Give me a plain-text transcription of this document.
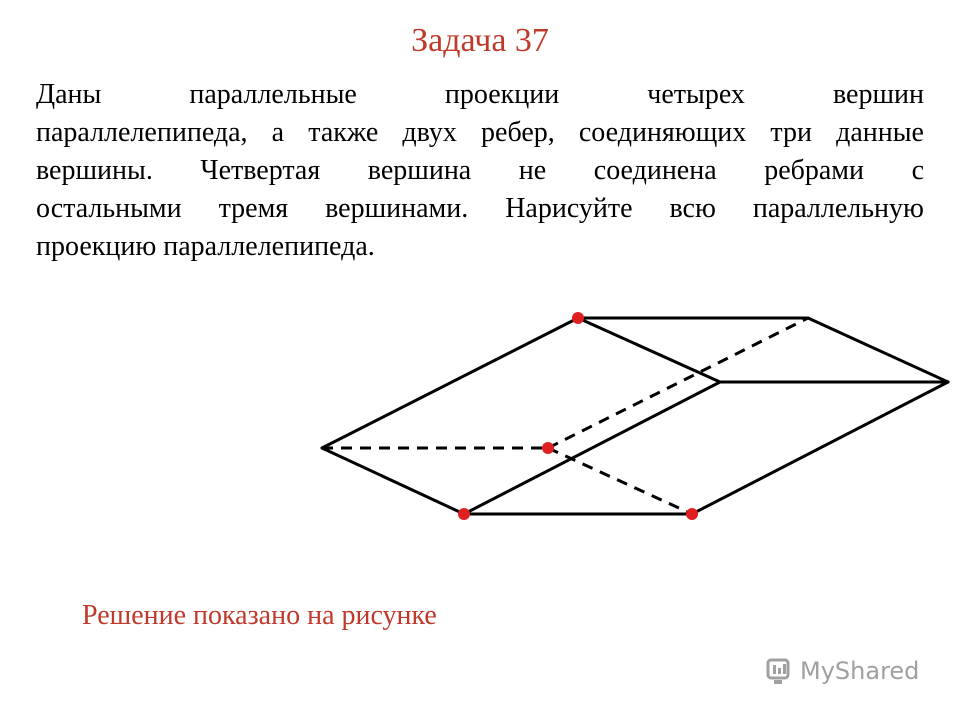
Задача 37
Даны	параллельные	проекции	четырех	вершин
параллелепипеда, а также двух ребер, соединяющих три данные
вершины. Четвертая вершина не соединена ребрами с
остальными тремя вершинами. Нарисуйте всю параллельную
проекцию параллелепипеда.
Решение показано на рисунке
MyShared
